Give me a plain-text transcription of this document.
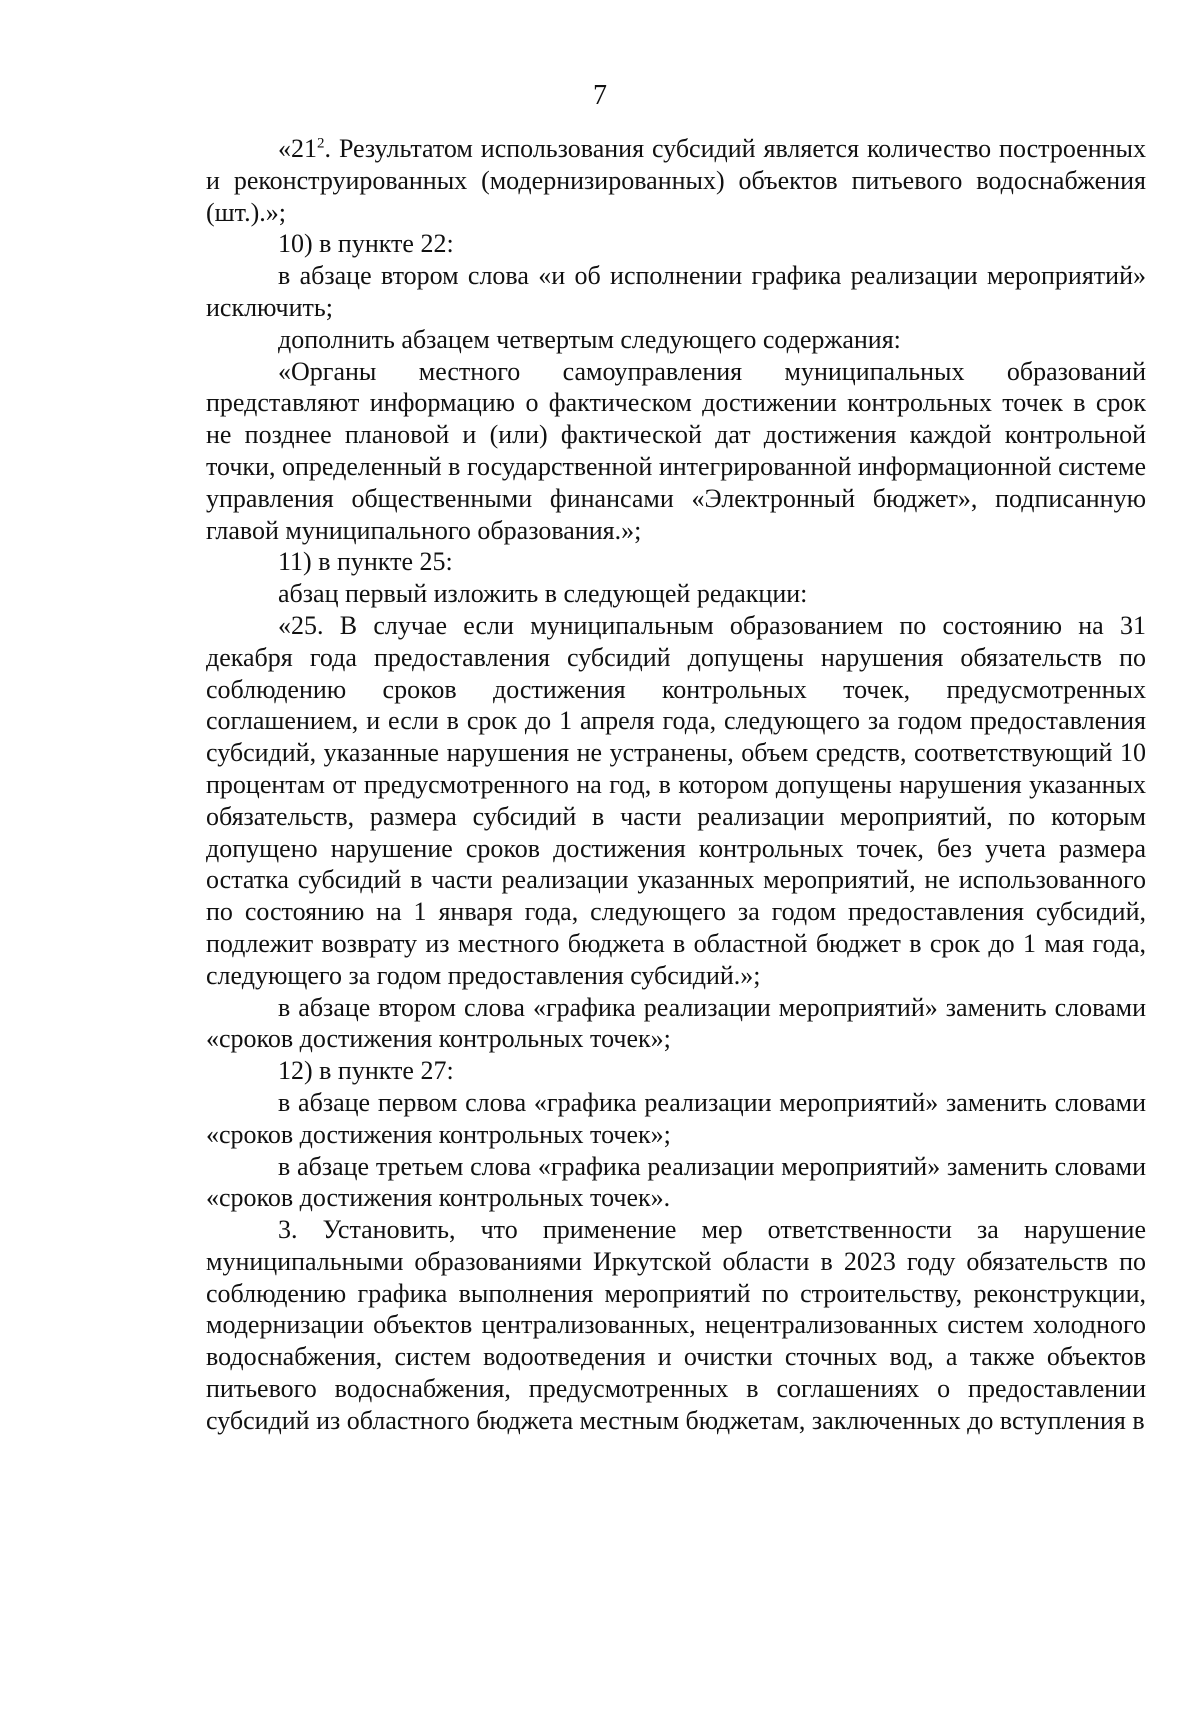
7

«$21^2$. Результатом использования субсидий является количество построенных и реконструированных (модернизированных) объектов питьевого водоснабжения (шт.).»;

10) в пункте 22:

в абзаце втором слова «и об исполнении графика реализации мероприятий» исключить;

дополнить абзацем четвертым следующего содержания:

«Органы местного самоуправления муниципальных образований представляют информацию о фактическом достижении контрольных точек в срок не позднее плановой и (или) фактической дат достижения каждой контрольной точки, определенный в государственной интегрированной информационной системе управления общественными финансами «Электронный бюджет», подписанную главой муниципального образования.»;

11) в пункте 25:

абзац первый изложить в следующей редакции:

«25. В случае если муниципальным образованием по состоянию на 31 декабря года предоставления субсидий допущены нарушения обязательств по соблюдению сроков достижения контрольных точек, предусмотренных соглашением, и если в срок до 1 апреля года, следующего за годом предоставления субсидий, указанные нарушения не устранены, объем средств, соответствующий 10 процентам от предусмотренного на год, в котором допущены нарушения указанных обязательств, размера субсидий в части реализации мероприятий, по которым допущено нарушение сроков достижения контрольных точек, без учета размера остатка субсидий в части реализации указанных мероприятий, не использованного по состоянию на 1 января года, следующего за годом предоставления субсидий, подлежит возврату из местного бюджета в областной бюджет в срок до 1 мая года, следующего за годом предоставления субсидий.»;

в абзаце втором слова «графика реализации мероприятий» заменить словами «сроков достижения контрольных точек»;

12) в пункте 27:

в абзаце первом слова «графика реализации мероприятий» заменить словами «сроков достижения контрольных точек»;

в абзаце третьем слова «графика реализации мероприятий» заменить словами «сроков достижения контрольных точек».

3. Установить, что применение мер ответственности за нарушение муниципальными образованиями Иркутской области в 2023 году обязательств по соблюдению графика выполнения мероприятий по строительству, реконструкции, модернизации объектов централизованных, нецентрализованных систем холодного водоснабжения, систем водоотведения и очистки сточных вод, а также объектов питьевого водоснабжения, предусмотренных в соглашениях о предоставлении субсидий из областного бюджета местным бюджетам, заключенных до вступления в
